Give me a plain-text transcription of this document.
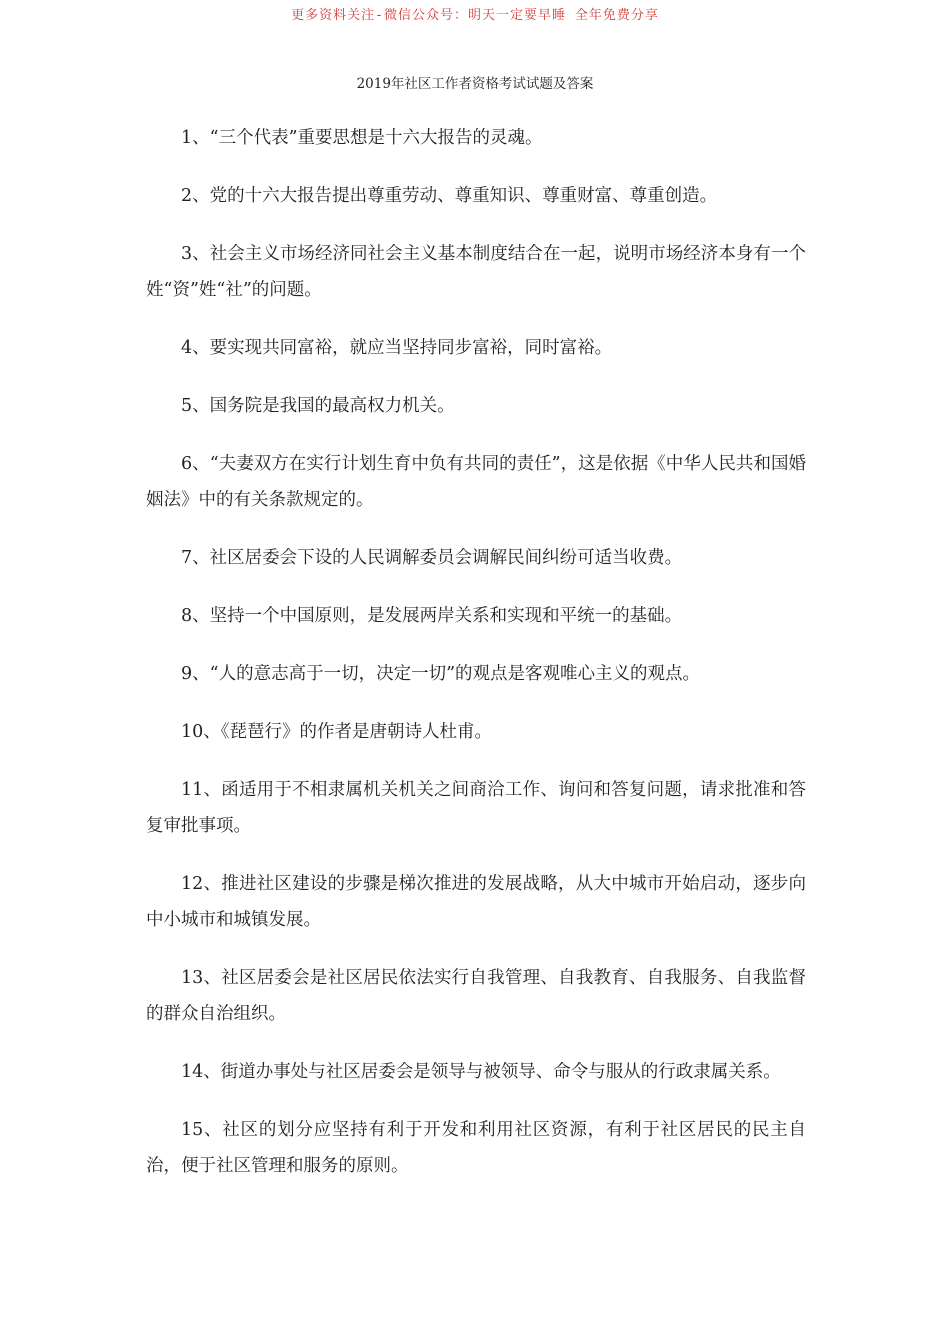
更多资料关注-微信公众号：明天一定要早睡 全年免费分享
2019年社区工作者资格考试试题及答案

1、“三个代表”重要思想是十六大报告的灵魂。

2、党的十六大报告提出尊重劳动、尊重知识、尊重财富、尊重创造。

3、社会主义市场经济同社会主义基本制度结合在一起，说明市场经济本身有一个姓“资”姓“社”的问题。

4、要实现共同富裕，就应当坚持同步富裕，同时富裕。

5、国务院是我国的最高权力机关。

6、“夫妻双方在实行计划生育中负有共同的责任”，这是依据《中华人民共和国婚姻法》中的有关条款规定的。

7、社区居委会下设的人民调解委员会调解民间纠纷可适当收费。

8、坚持一个中国原则，是发展两岸关系和实现和平统一的基础。

9、“人的意志高于一切，决定一切”的观点是客观唯心主义的观点。

10、《琵琶行》的作者是唐朝诗人杜甫。

11、函适用于不相隶属机关机关之间商洽工作、询问和答复问题，请求批准和答复审批事项。

12、推进社区建设的步骤是梯次推进的发展战略，从大中城市开始启动，逐步向中小城市和城镇发展。

13、社区居委会是社区居民依法实行自我管理、自我教育、自我服务、自我监督的群众自治组织。

14、街道办事处与社区居委会是领导与被领导、命令与服从的行政隶属关系。

15、社区的划分应坚持有利于开发和利用社区资源，有利于社区居民的民主自治，便于社区管理和服务的原则。
